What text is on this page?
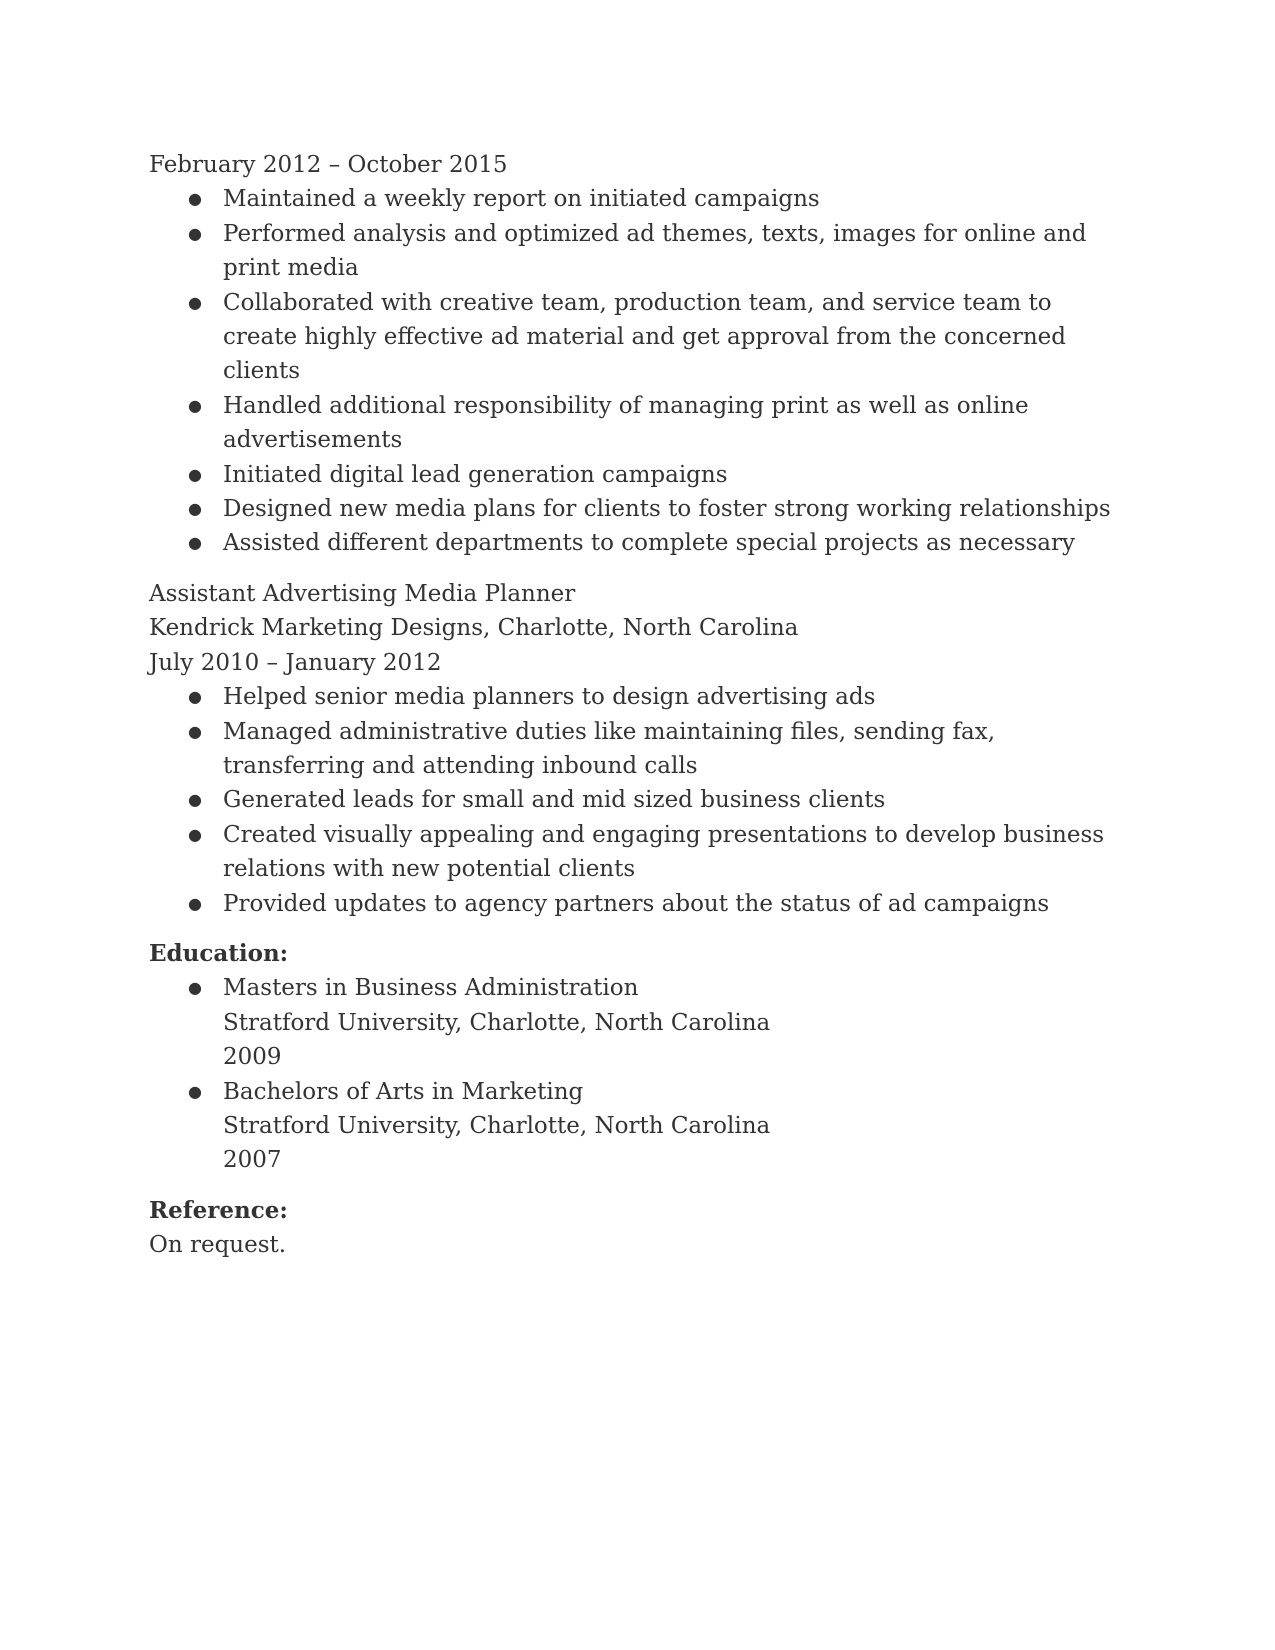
February 2012 – October 2015

● Maintained a weekly report on initiated campaigns
● Performed analysis and optimized ad themes, texts, images for online and print media
● Collaborated with creative team, production team, and service team to create highly effective ad material and get approval from the concerned clients
● Handled additional responsibility of managing print as well as online advertisements
● Initiated digital lead generation campaigns
● Designed new media plans for clients to foster strong working relationships
● Assisted different departments to complete special projects as necessary

Assistant Advertising Media Planner

Kendrick Marketing Designs, Charlotte, North Carolina

July 2010 – January 2012

● Helped senior media planners to design advertising ads
● Managed administrative duties like maintaining files, sending fax, transferring and attending inbound calls
● Generated leads for small and mid sized business clients
● Created visually appealing and engaging presentations to develop business relations with new potential clients
● Provided updates to agency partners about the status of ad campaigns

Education:

● Masters in Business Administration
Stratford University, Charlotte, North Carolina
2009
● Bachelors of Arts in Marketing
Stratford University, Charlotte, North Carolina
2007

Reference:

On request.
